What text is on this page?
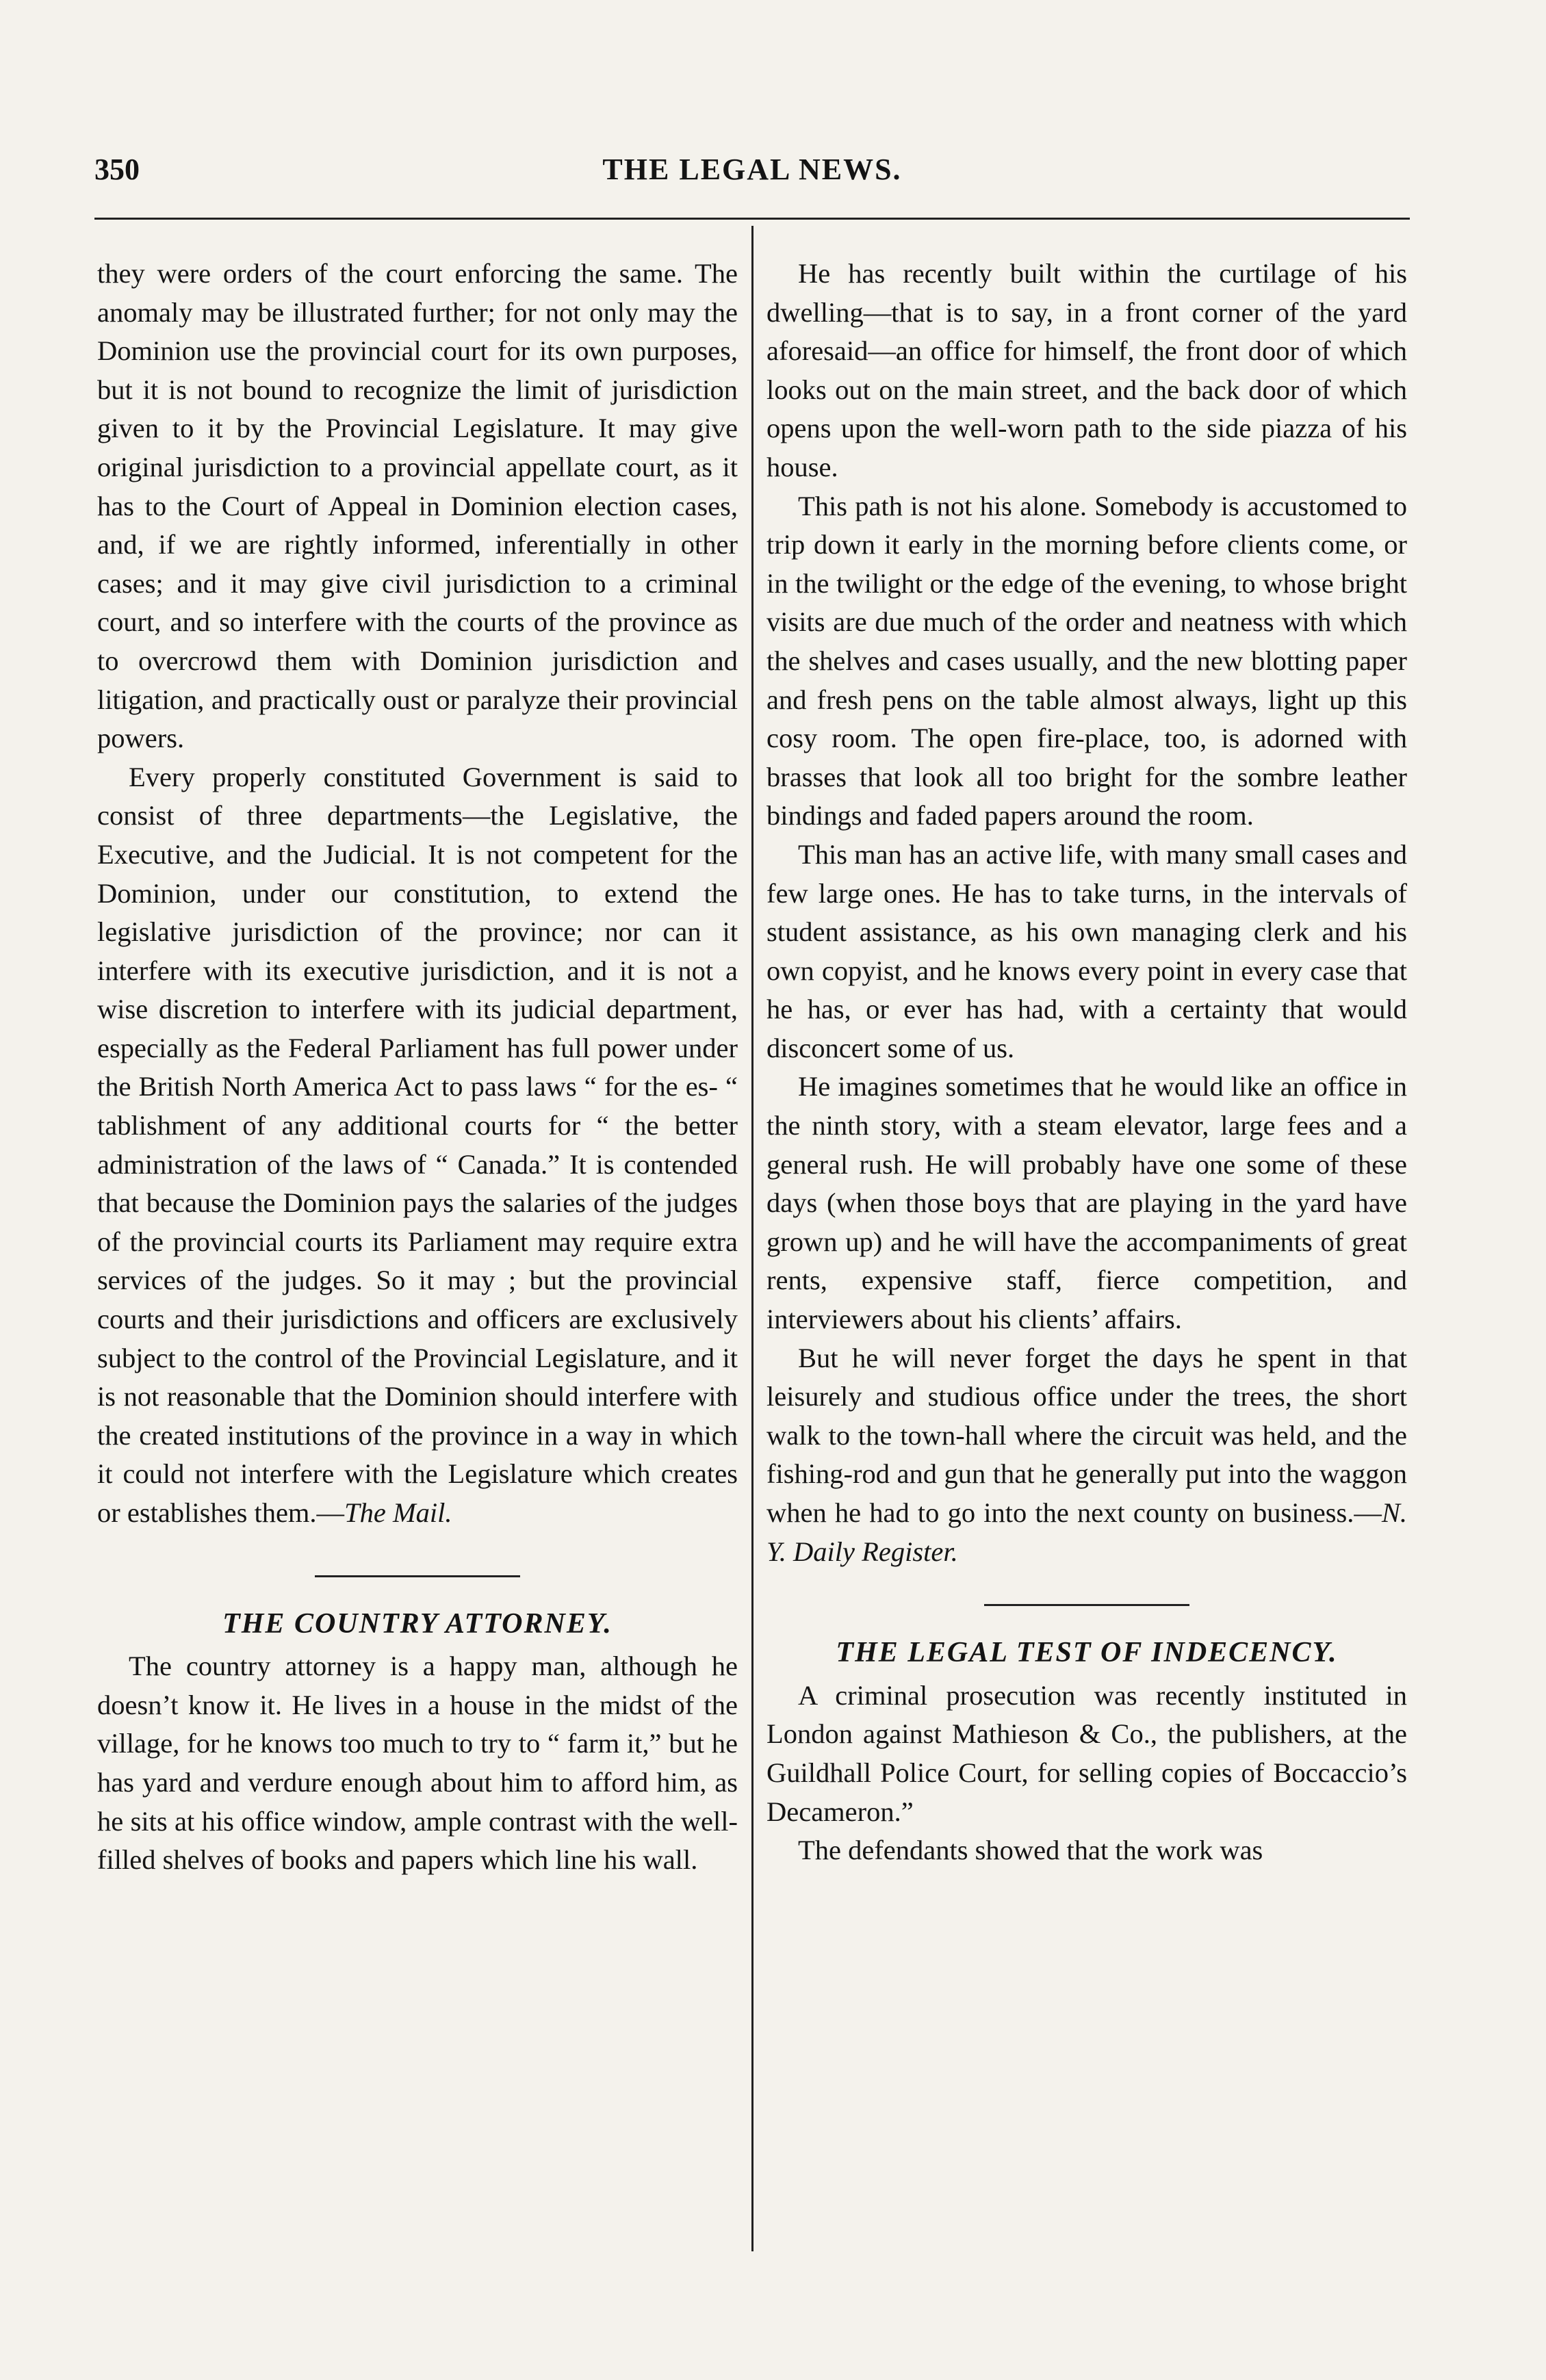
350	THE LEGAL NEWS.

they were orders of the court enforcing the same. The anomaly may be illustrated further; for not only may the Dominion use the provincial court for its own purposes, but it is not bound to recognize the limit of jurisdiction given to it by the Provincial Legislature. It may give original jurisdiction to a provincial appellate court, as it has to the Court of Appeal in Dominion election cases, and, if we are rightly informed, inferentially in other cases; and it may give civil jurisdiction to a criminal court, and so interfere with the courts of the province as to overcrowd them with Dominion jurisdiction and litigation, and practically oust or paralyze their provincial powers.

Every properly constituted Government is said to consist of three departments—the Legislative, the Executive, and the Judicial. It is not competent for the Dominion, under our constitution, to extend the legislative jurisdiction of the province; nor can it interfere with its executive jurisdiction, and it is not a wise discretion to interfere with its judicial department, especially as the Federal Parliament has full power under the British North America Act to pass laws “ for the es- “ tablishment of any additional courts for “ the better administration of the laws of “ Canada.” It is contended that because the Dominion pays the salaries of the judges of the provincial courts its Parliament may require extra services of the judges. So it may ; but the provincial courts and their jurisdictions and officers are exclusively subject to the control of the Provincial Legislature, and it is not reasonable that the Dominion should interfere with the created institutions of the province in a way in which it could not interfere with the Legislature which creates or establishes them.—The Mail.

THE COUNTRY ATTORNEY.

The country attorney is a happy man, although he doesn’t know it. He lives in a house in the midst of the village, for he knows too much to try to “ farm it,” but he has yard and verdure enough about him to afford him, as he sits at his office window, ample contrast with the well-filled shelves of books and papers which line his wall.

He has recently built within the curtilage of his dwelling—that is to say, in a front corner of the yard aforesaid—an office for himself, the front door of which looks out on the main street, and the back door of which opens upon the well-worn path to the side piazza of his house.

This path is not his alone. Somebody is accustomed to trip down it early in the morning before clients come, or in the twilight or the edge of the evening, to whose bright visits are due much of the order and neatness with which the shelves and cases usually, and the new blotting paper and fresh pens on the table almost always, light up this cosy room. The open fire-place, too, is adorned with brasses that look all too bright for the sombre leather bindings and faded papers around the room.

This man has an active life, with many small cases and few large ones. He has to take turns, in the intervals of student assistance, as his own managing clerk and his own copyist, and he knows every point in every case that he has, or ever has had, with a certainty that would disconcert some of us.

He imagines sometimes that he would like an office in the ninth story, with a steam elevator, large fees and a general rush. He will probably have one some of these days (when those boys that are playing in the yard have grown up) and he will have the accompaniments of great rents, expensive staff, fierce competition, and interviewers about his clients’ affairs.

But he will never forget the days he spent in that leisurely and studious office under the trees, the short walk to the town-hall where the circuit was held, and the fishing-rod and gun that he generally put into the waggon when he had to go into the next county on business.—N. Y. Daily Register.

THE LEGAL TEST OF INDECENCY.

A criminal prosecution was recently instituted in London against Mathieson & Co., the publishers, at the Guildhall Police Court, for selling copies of Boccaccio’s Decameron.”

The defendants showed that the work was
